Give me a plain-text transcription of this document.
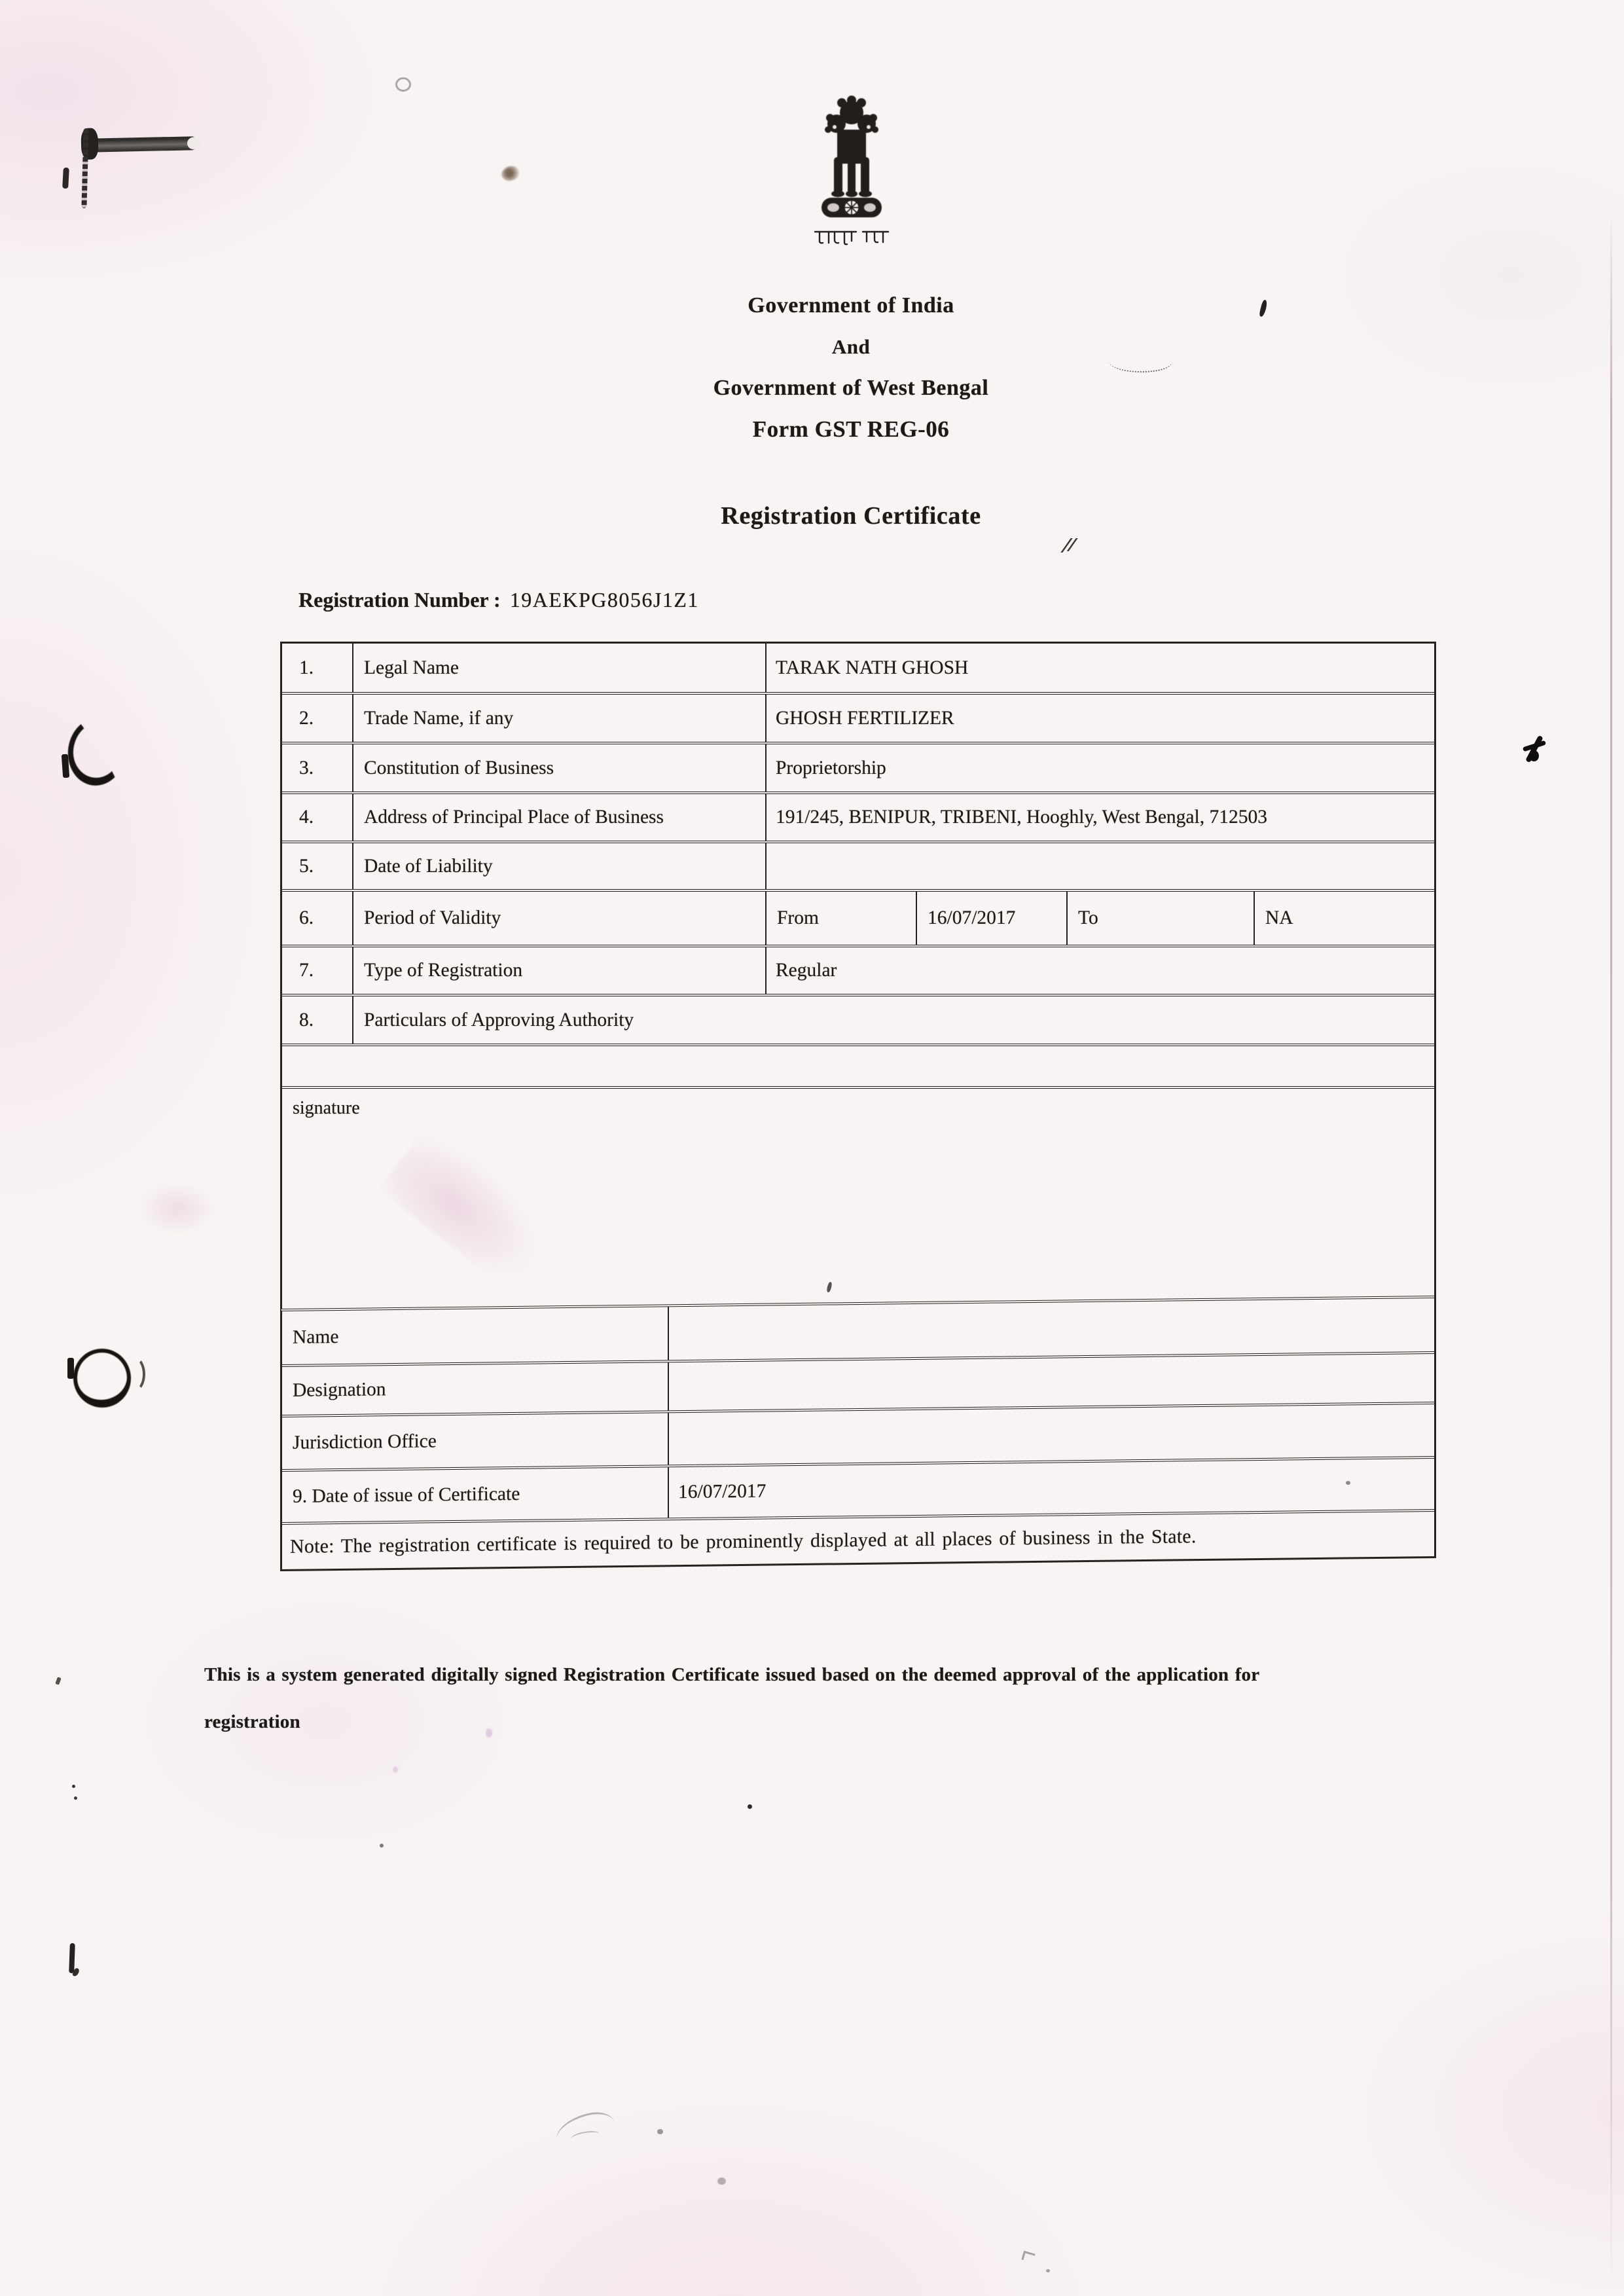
Government of India
And
Government of West Bengal
Form GST REG-06
Registration Certificate
Registration Number : 19AEKPG8056J1Z1
1.	Legal Name	TARAK NATH GHOSH
2.	Trade Name, if any	GHOSH FERTILIZER
3.	Constitution of Business	Proprietorship
4.	Address of Principal Place of Business	191/245, BENIPUR, TRIBENI, Hooghly, West Bengal, 712503
5.	Date of Liability
6.	Period of Validity	From	16/07/2017	To	NA
7.	Type of Registration	Regular
8.	Particulars of Approving Authority
signature
Name
Designation
Jurisdiction Office
9. Date of issue of Certificate	16/07/2017
Note: The registration certificate is required to be prominently displayed at all places of business in the State.
This is a system generated digitally signed Registration Certificate issued based on the deemed approval of the application for
registration
